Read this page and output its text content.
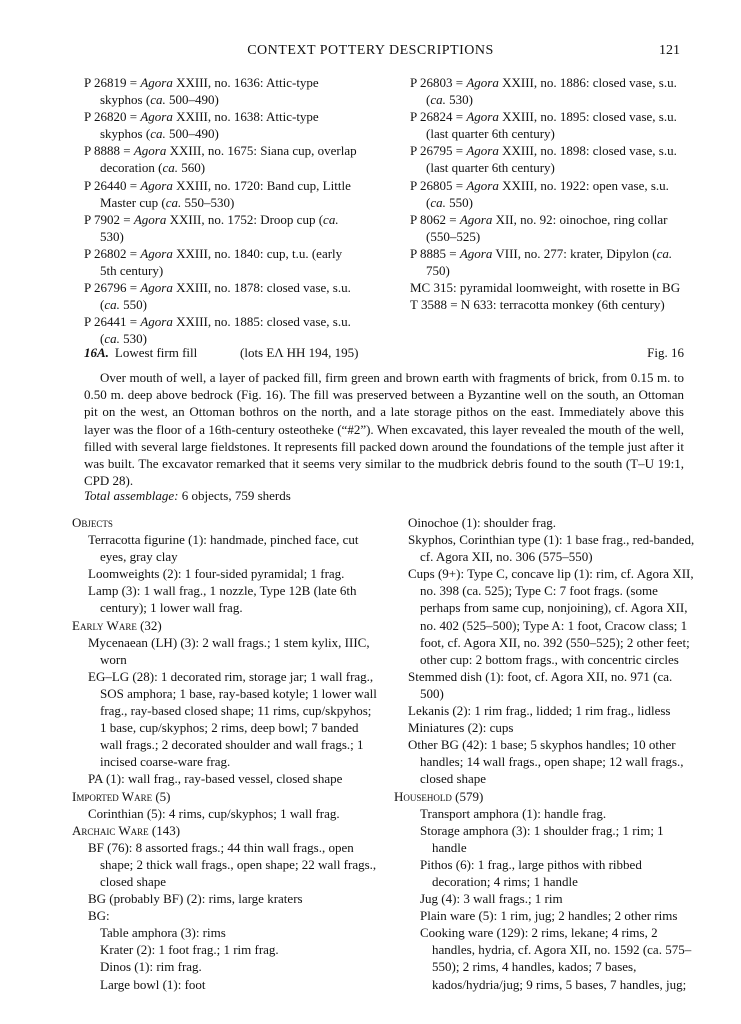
CONTEXT POTTERY DESCRIPTIONS	121

P 26819 = Agora XXIII, no. 1636: Attic-type skyphos (ca. 500–490)

P 26820 = Agora XXIII, no. 1638: Attic-type skyphos (ca. 500–490)

P 8888 = Agora XXIII, no. 1675: Siana cup, overlap decoration (ca. 560)

P 26440 = Agora XXIII, no. 1720: Band cup, Little Master cup (ca. 550–530)

P 7902 = Agora XXIII, no. 1752: Droop cup (ca. 530)

P 26802 = Agora XXIII, no. 1840: cup, t.u. (early 5th century)

P 26796 = Agora XXIII, no. 1878: closed vase, s.u. (ca. 550)

P 26441 = Agora XXIII, no. 1885: closed vase, s.u. (ca. 530)

P 26803 = Agora XXIII, no. 1886: closed vase, s.u. (ca. 530)

P 26824 = Agora XXIII, no. 1895: closed vase, s.u. (last quarter 6th century)

P 26795 = Agora XXIII, no. 1898: closed vase, s.u. (last quarter 6th century)

P 26805 = Agora XXIII, no. 1922: open vase, s.u. (ca. 550)

P 8062 = Agora XII, no. 92: oinochoe, ring collar (550–525)

P 8885 = Agora VIII, no. 277: krater, Dipylon (ca. 750)

MC 315: pyramidal loomweight, with rosette in BG

T 3588 = N 633: terracotta monkey (6th century)

16A. Lowest firm fill	(lots ΕΛ ΗΗ 194, 195)	Fig. 16

Over mouth of well, a layer of packed fill, firm green and brown earth with fragments of brick, from 0.15 m. to 0.50 m. deep above bedrock (Fig. 16). The fill was preserved between a Byzantine well on the south, an Ottoman pit on the west, an Ottoman bothros on the north, and a late storage pithos on the east. Immediately above this layer was the floor of a 16th-century osteotheke (“#2”). When excavated, this layer revealed the mouth of the well, filled with several large fieldstones. It represents fill packed down around the foundations of the temple just after it was built. The excavator remarked that it seems very similar to the mudbrick debris found to the south (T–U 19:1, CPD 28).

Total assemblage: 6 objects, 759 sherds

Objects

Terracotta figurine (1): handmade, pinched face, cut eyes, gray clay

Loomweights (2): 1 four-sided pyramidal; 1 frag.

Lamp (3): 1 wall frag., 1 nozzle, Type 12B (late 6th century); 1 lower wall frag.

Early Ware (32)

Mycenaean (LH) (3): 2 wall frags.; 1 stem kylix, IIIC, worn

EG–LG (28): 1 decorated rim, storage jar; 1 wall frag., SOS amphora; 1 base, ray-based kotyle; 1 lower wall frag., ray-based closed shape; 11 rims, cup/skpyhos; 1 base, cup/skyphos; 2 rims, deep bowl; 7 banded wall frags.; 2 decorated shoulder and wall frags.; 1 incised coarse-ware frag.

PA (1): wall frag., ray-based vessel, closed shape

Imported Ware (5)

Corinthian (5): 4 rims, cup/skyphos; 1 wall frag.

Archaic Ware (143)

BF (76): 8 assorted frags.; 44 thin wall frags., open shape; 2 thick wall frags., open shape; 22 wall frags., closed shape

BG (probably BF) (2): rims, large kraters

BG:

Table amphora (3): rims

Krater (2): 1 foot frag.; 1 rim frag.

Dinos (1): rim frag.

Large bowl (1): foot

Oinochoe (1): shoulder frag.

Skyphos, Corinthian type (1): 1 base frag., red-banded, cf. Agora XII, no. 306 (575–550)

Cups (9+): Type C, concave lip (1): rim, cf. Agora XII, no. 398 (ca. 525); Type C: 7 foot frags. (some perhaps from same cup, nonjoining), cf. Agora XII, no. 402 (525–500); Type A: 1 foot, Cracow class; 1 foot, cf. Agora XII, no. 392 (550–525); 2 other feet; other cup: 2 bottom frags., with concentric circles

Stemmed dish (1): foot, cf. Agora XII, no. 971 (ca. 500)

Lekanis (2): 1 rim frag., lidded; 1 rim frag., lidless

Miniatures (2): cups

Other BG (42): 1 base; 5 skyphos handles; 10 other handles; 14 wall frags., open shape; 12 wall frags., closed shape

Household (579)

Transport amphora (1): handle frag.

Storage amphora (3): 1 shoulder frag.; 1 rim; 1 handle

Pithos (6): 1 frag., large pithos with ribbed decoration; 4 rims; 1 handle

Jug (4): 3 wall frags.; 1 rim

Plain ware (5): 1 rim, jug; 2 handles; 2 other rims

Cooking ware (129): 2 rims, lekane; 4 rims, 2 handles, hydria, cf. Agora XII, no. 1592 (ca. 575–550); 2 rims, 4 handles, kados; 7 bases, kados/hydria/jug; 9 rims, 5 bases, 7 handles, jug;
